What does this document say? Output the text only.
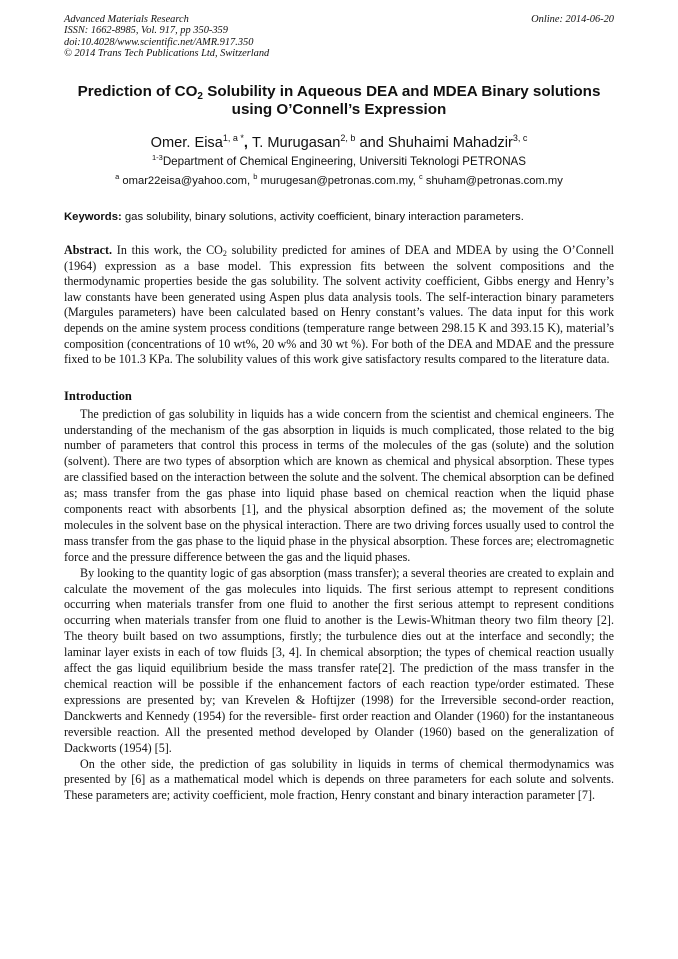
Advanced Materials Research
ISSN: 1662-8985, Vol. 917, pp 350-359
doi:10.4028/www.scientific.net/AMR.917.350
© 2014 Trans Tech Publications Ltd, Switzerland
Online: 2014-06-20
Prediction of $CO_2$ Solubility in Aqueous DEA and MDEA Binary solutions using O’Connell’s Expression
Omer. Eisa$^{1, a *}$, T. Murugasan$^{2, b}$ and Shuhaimi Mahadzir$^{3, c}$
$^{1-3}$Department of Chemical Engineering, Universiti Teknologi PETRONAS
$^a$ omar22eisa@yahoo.com, $^b$ murugesan@petronas.com.my, $^c$ shuham@petronas.com.my
Keywords: gas solubility, binary solutions, activity coefficient, binary interaction parameters.
Abstract. In this work, the $CO_2$ solubility predicted for amines of DEA and MDEA by using the O’Connell (1964) expression as a base model. This expression fits between the solvent compositions and the thermodynamic properties beside the gas solubility. The solvent activity coefficient, Gibbs energy and Henry’s law constants have been generated using Aspen plus data analysis tools. The self-interaction binary parameters (Margules parameters) have been calculated based on Henry constant’s values. The data input for this work depends on the amine system process conditions (temperature range between 298.15 K and 393.15 K), material’s composition (concentrations of 10 wt%, 20 w% and 30 wt %). For both of the DEA and MDAE and the pressure fixed to be 101.3 KPa. The solubility values of this work give satisfactory results compared to the literature data.
Introduction
The prediction of gas solubility in liquids has a wide concern from the scientist and chemical engineers. The understanding of the mechanism of the gas absorption in liquids is much complicated, those related to the big number of parameters that control this process in terms of the molecules of the gas (solute) and the solution (solvent). There are two types of absorption which are known as chemical and physical absorption. These types are classified based on the interaction between the solute and the solvent. The chemical absorption can be defined as; mass transfer from the gas phase into liquid phase based on chemical reaction when the liquid phase components react with absorbents [1], and the physical absorption defined as; the movement of the solute molecules in the solvent base on the physical interaction. There are two driving forces usually used to control the mass transfer from the gas phase to the liquid phase in the physical absorption. These forces are; electromagnetic force and the pressure difference between the gas and the liquid phases.
By looking to the quantity logic of gas absorption (mass transfer); a several theories are created to explain and calculate the movement of the gas molecules into liquids. The first serious attempt to represent conditions occurring when materials transfer from one fluid to another the first serious attempt to represent conditions occurring when materials transfer from one fluid to another is the Lewis-Whitman theory two film theory [2]. The theory built based on two assumptions, firstly; the turbulence dies out at the interface and secondly; the laminar layer exists in each of tow fluids [3, 4]. In chemical absorption; the types of chemical reaction usually affect the gas liquid equilibrium beside the mass transfer rate[2]. The prediction of the mass transfer in the chemical reaction will be possible if the enhancement factors of each reaction type/order estimated. These expressions are presented by; van Krevelen & Hoftijzer (1998) for the Irreversible second-order reaction, Danckwerts and Kennedy (1954) for the reversible- first order reaction and Olander (1960) for the instantaneous reversible reaction. All the presented method developed by Olander (1960) based on the generalization of Dackworts (1954) [5].
On the other side, the prediction of gas solubility in liquids in terms of chemical thermodynamics was presented by [6] as a mathematical model which is depends on three parameters for each solute and solvents. These parameters are; activity coefficient, mole fraction, Henry constant and binary interaction parameter [7].
